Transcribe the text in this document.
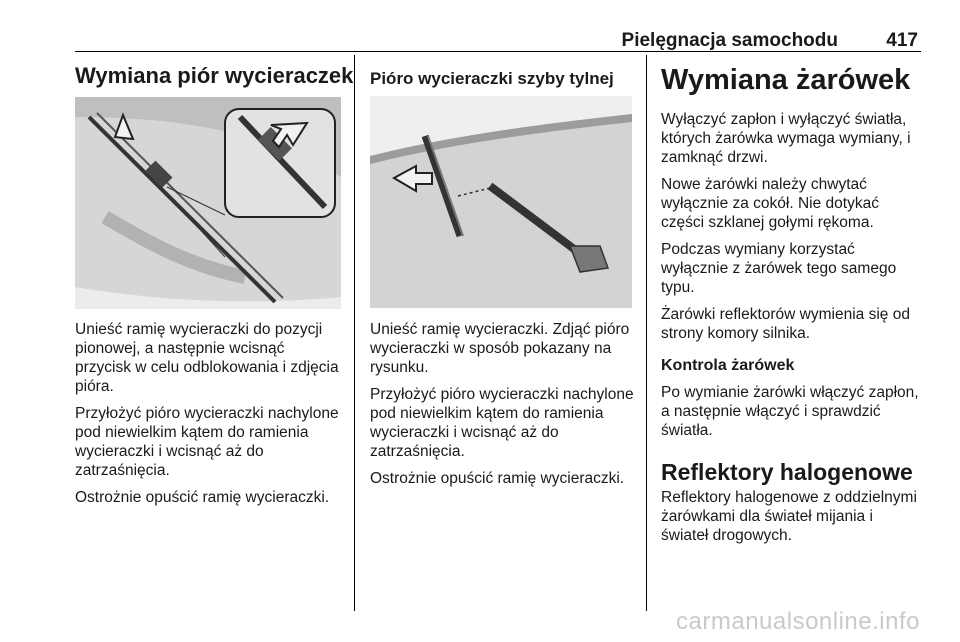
Pielęgnacja samochodu	417
Wymiana piór wycieraczek

Unieść ramię wycieraczki do pozycji pionowej, a następnie wcisnąć przycisk w celu odblokowania i zdjęcia pióra.

Przyłożyć pióro wycieraczki nachylone pod niewielkim kątem do ramienia wycieraczki i wcisnąć aż do zatrzaśnięcia.

Ostrożnie opuścić ramię wycieraczki.

Pióro wycieraczki szyby tylnej

Unieść ramię wycieraczki. Zdjąć pióro wycieraczki w sposób pokazany na rysunku.

Przyłożyć pióro wycieraczki nachylone pod niewielkim kątem do ramienia wycieraczki i wcisnąć aż do zatrzaśnięcia.

Ostrożnie opuścić ramię wycieraczki.

Wymiana żarówek

Wyłączyć zapłon i wyłączyć światła, których żarówka wymaga wymiany, i zamknąć drzwi.

Nowe żarówki należy chwytać wyłącznie za cokół. Nie dotykać części szklanej gołymi rękoma.

Podczas wymiany korzystać wyłącznie z żarówek tego samego typu.

Żarówki reflektorów wymienia się od strony komory silnika.

Kontrola żarówek

Po wymianie żarówki włączyć zapłon, a następnie włączyć i sprawdzić światła.

Reflektory halogenowe

Reflektory halogenowe z oddzielnymi żarówkami dla świateł mijania i świateł drogowych.

carmanualsonline.info
